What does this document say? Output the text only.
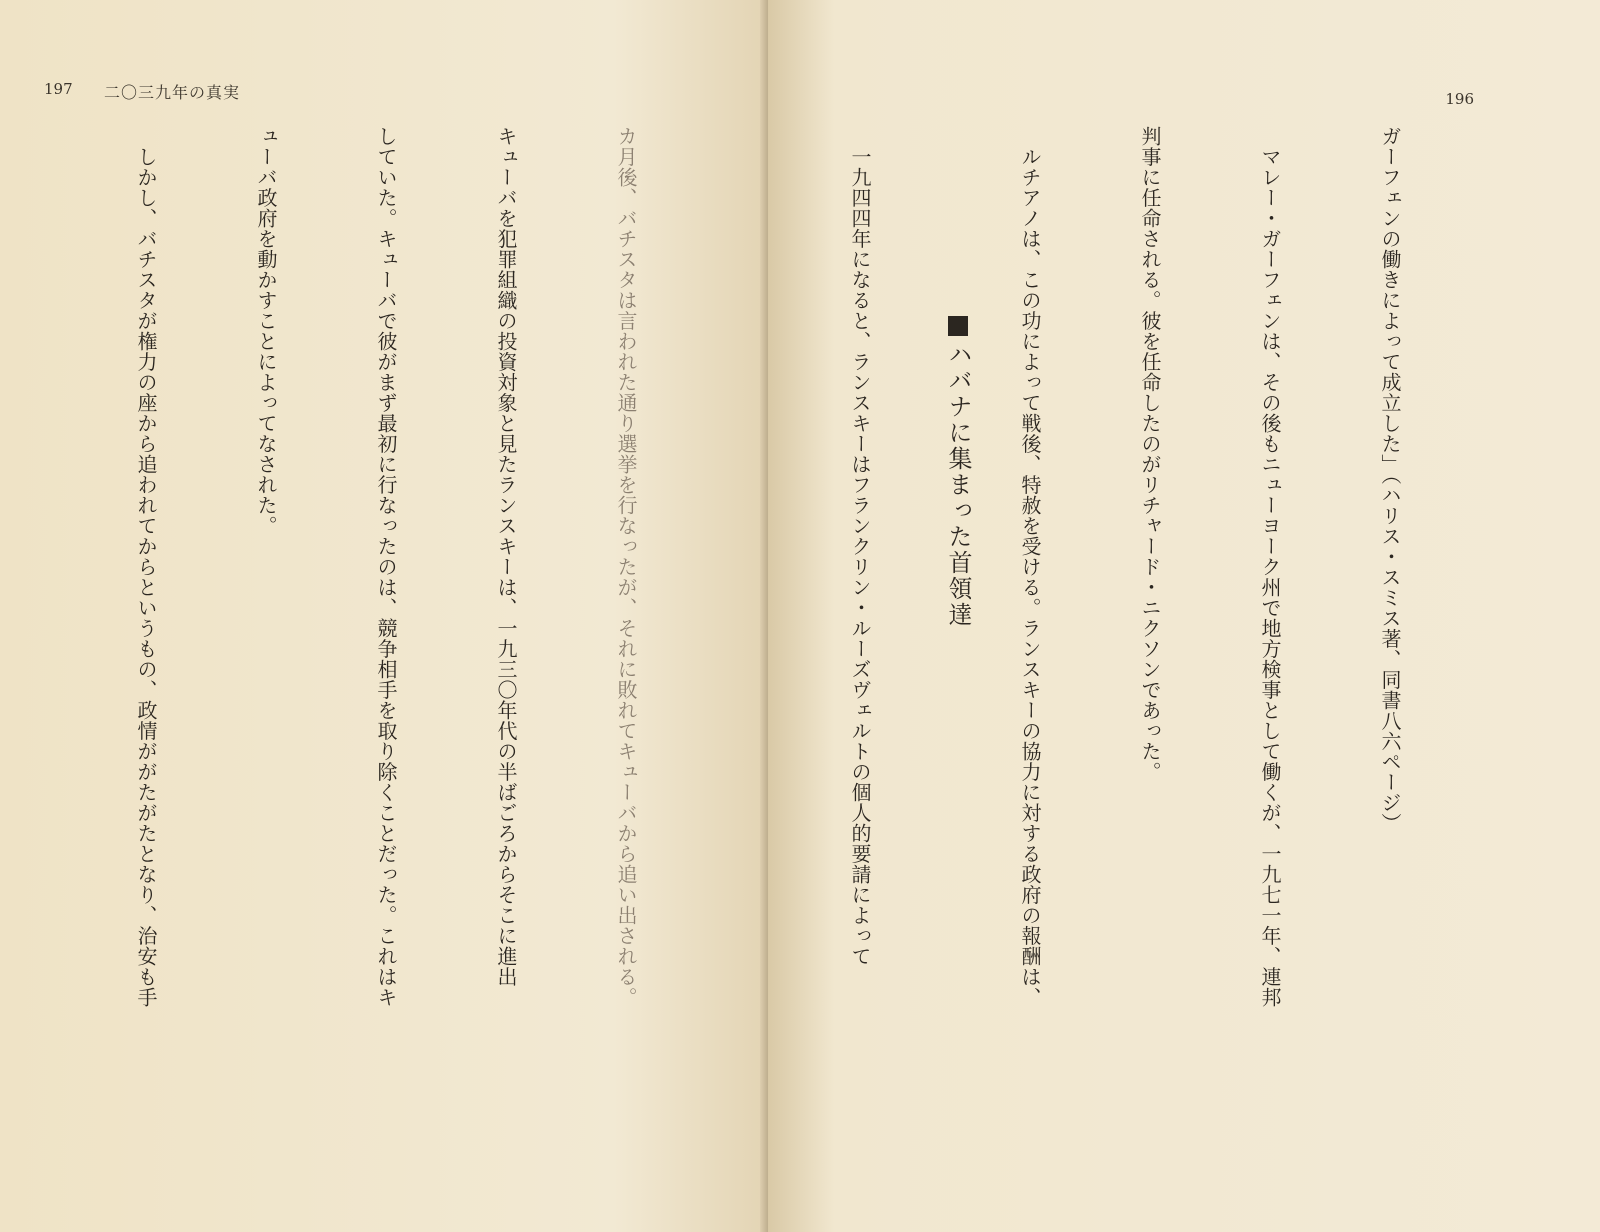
197 二〇三九年の真実

カ月後、バチスタは言われた通り選挙を行なったが、それに敗れてキューバから追い出される。

キューバを犯罪組織の投資対象と見たランスキーは、一九三〇年代の半ばごろからそこに進出

していた。キューバで彼がまず最初に行なったのは、競争相手を取り除くことだった。これはキ

ューバ政府を動かすことによってなされた。

　しかし、バチスタが権力の座から追われてからというもの、政情ががたがたとなり、治安も手

196

ガーフェンの働きによって成立した」（ハリス・スミス著、同書八六ページ）

　マレー・ガーフェンは、その後もニューヨーク州で地方検事として働くが、一九七一年、連邦

判事に任命される。彼を任命したのがリチャード・ニクソンであった。

　ルチアノは、この功によって戦後、特赦を受ける。ランスキーの協力に対する政府の報酬は、

ハバナに集まった首領達

　一九四四年になると、ランスキーはフランクリン・ルーズヴェルトの個人的要請によって
